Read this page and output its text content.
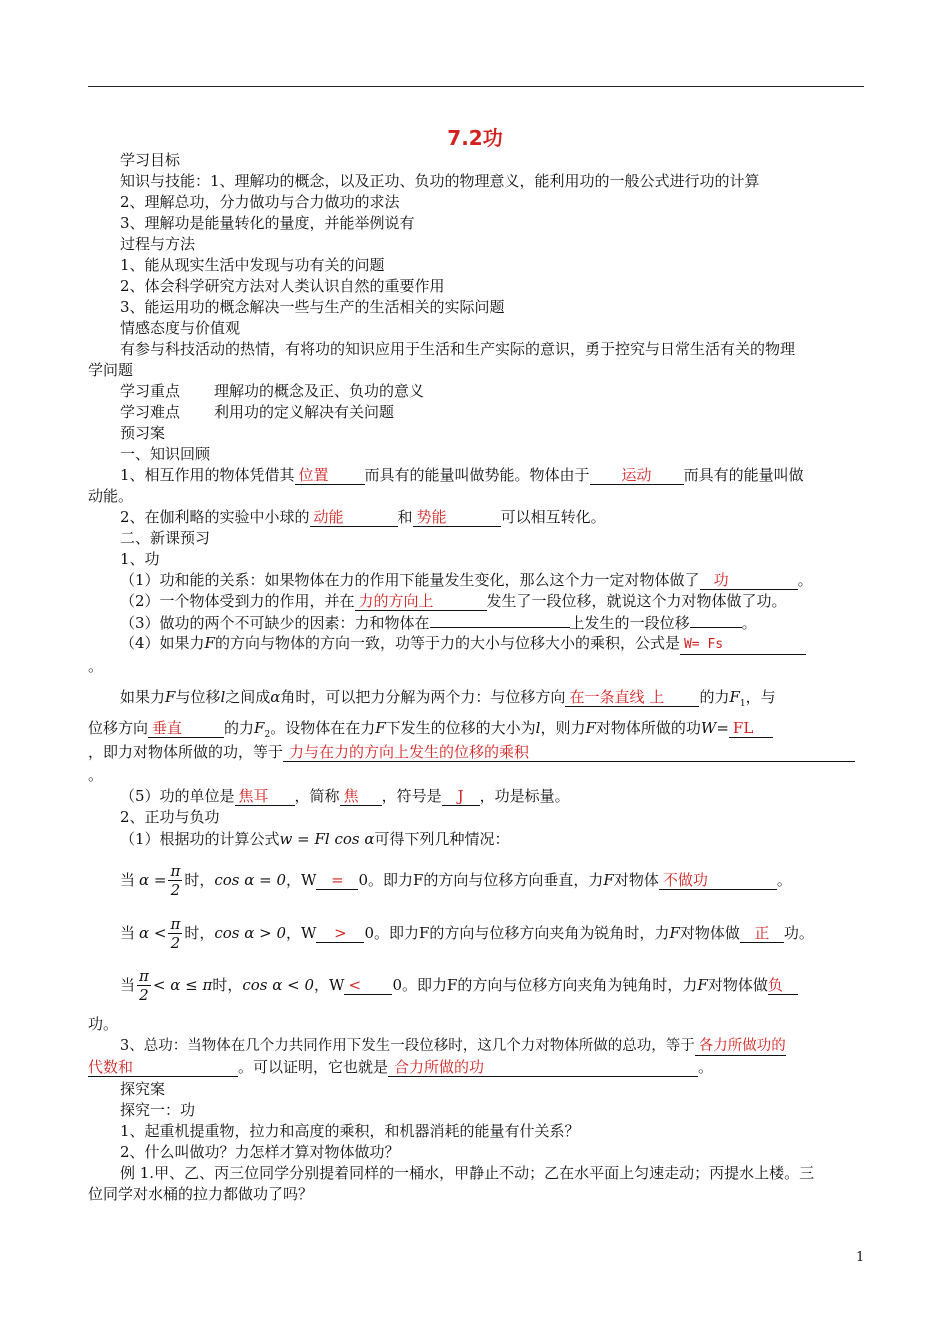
7.2功
学习目标
知识与技能：1、理解功的概念，以及正功、负功的物理意义，能利用功的一般公式进行功的计算
2、理解总功，分力做功与合力做功的求法
3、理解功是能量转化的量度，并能举例说有
过程与方法
1、能从现实生活中发现与功有关的问题
2、体会科学研究方法对人类认识自然的重要作用
3、能运用功的概念解决一些与生产的生活相关的实际问题
情感态度与价值观
有参与科技活动的热情，有将功的知识应用于生活和生产实际的意识，勇于控究与日常生活有关的物理
学问题
学习重点 理解功的概念及正、负功的意义
学习难点 利用功的定义解决有关问题
预习案
一、知识回顾
1、相互作用的物体凭借其 位置 而具有的能量叫做势能。物体由于 运动 而具有的能量叫做
动能。
2、在伽利略的实验中小球的 动能	和 势能	可以相互转化。
二、新课预习
1、功
（1）功和能的关系：如果物体在力的作用下能量发生变化，那么这个力一定对物体做了 功	。
（2）一个物体受到力的作用，并在 力的方向上	发生了一段位移，就说这个力对物体做了功。
（3）做功的两个不可缺少的因素：力和物体在	上发生的一段位移	。
（4）如果力F的方向与物体的方向一致，功等于力的大小与位移大小的乘积，公式是 W= Fs
。
如果力F与位移l之间成α角时，可以把力分解为两个力：与位移方向 在一条直线 上 的力$F_1$，与
位移方向 垂直	的力$F_2$。设物体在在力F下发生的位移的大小为l，则力F对物体所做的功W= FL
，即力对物体所做的功，等于 力与在力的方向上发生的位移的乘积
。
（5）功的单位是 焦耳 ，简称 焦 ，符号是 J ，功是标量。
2、正功与负功
（1）根据功的计算公式w = Fl cos α可得下列几种情况：
当 $\alpha = \frac{\pi}{2}$ 时， cos α = 0 ，W = 0。即力F的方向与位移方向垂直，力 F 对物体 不做功	。
当 $\alpha < \frac{\pi}{2}$ 时， cos α > 0 ，W	>	0。即力F的方向与位移方向夹角为锐角时，力 F 对物体做 正 功。
当 $\frac{\pi}{2} < \alpha \le \pi$ 时， cos α < 0 ，W <	0。即力F的方向与位移方向夹角为钝角时，力 F 对物体做 负
功。
3、总功：当物体在几个力共同作用下发生一段位移时，这几个力对物体所做的总功，等于 各力所做功的
代数和	。可以证明，它也就是 合力所做的功	。
探究案
探究一：功
1、起重机提重物，拉力和高度的乘积，和机器消耗的能量有什关系？
2、什么叫做功？力怎样才算对物体做功？
例 1.甲、乙、丙三位同学分别提着同样的一桶水，甲静止不动；乙在水平面上匀速走动；丙提水上楼。三
位同学对水桶的拉力都做功了吗？
1
